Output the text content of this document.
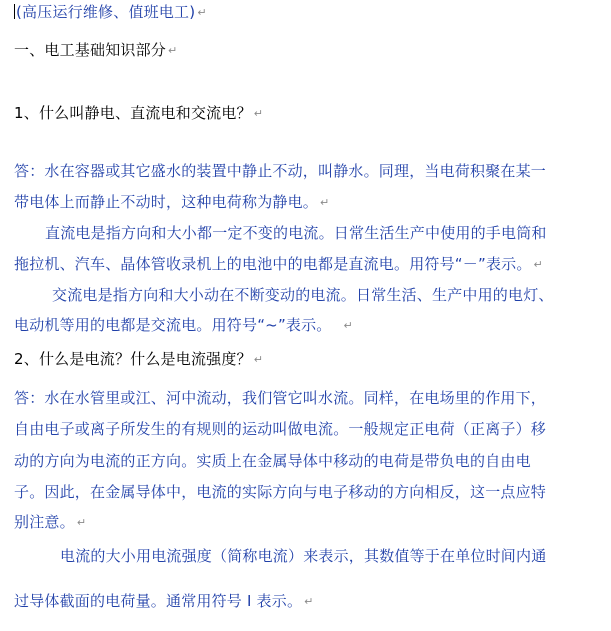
(高压运行维修、值班电工) ↵
一、电工基础知识部分 ↵
1、什么叫静电、直流电和交流电？ ↵
答：水在容器或其它盛水的装置中静止不动，叫静水。同理，当电荷积聚在某一
带电体上而静止不动时，这种电荷称为静电。 ↵
直流电是指方向和大小都一定不变的电流。日常生活生产中使用的手电筒和
拖拉机、汽车、晶体管收录机上的电池中的电都是直流电。用符号“－”表示。 ↵
交流电是指方向和大小动在不断变动的电流。日常生活、生产中用的电灯、
电动机等用的电都是交流电。用符号“~”表示。 ↵
2、什么是电流？什么是电流强度？ ↵
答：水在水管里或江、河中流动，我们管它叫水流。同样，在电场里的作用下，
自由电子或离子所发生的有规则的运动叫做电流。一般规定正电荷（正离子）移
动的方向为电流的正方向。实质上在金属导体中移动的电荷是带负电的自由电
子。因此，在金属导体中，电流的实际方向与电子移动的方向相反，这一点应特
别注意。 ↵
电流的大小用电流强度（简称电流）来表示，其数值等于在单位时间内通
过导体截面的电荷量。通常用符号 I 表示。 ↵
